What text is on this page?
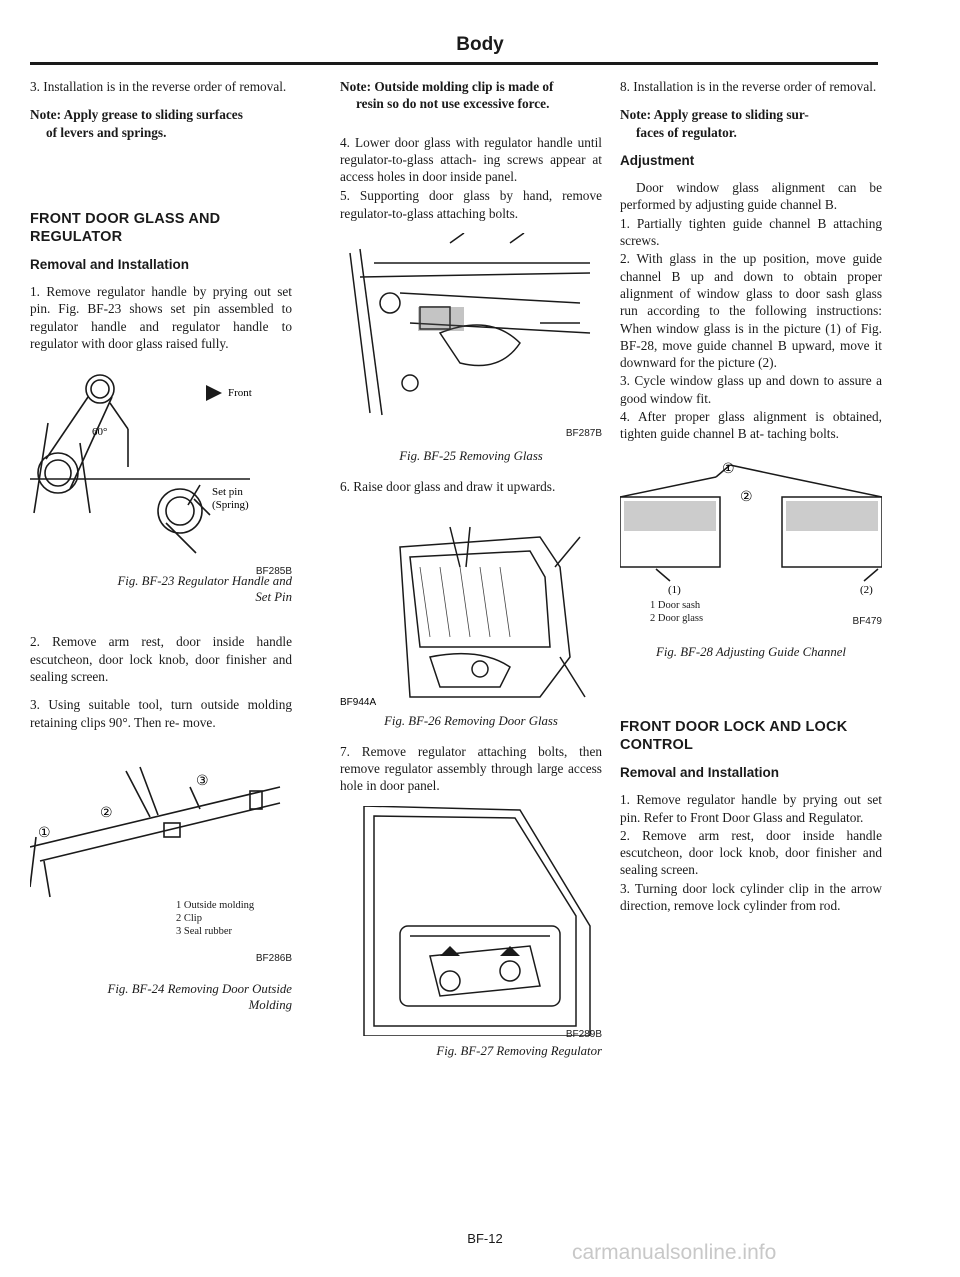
Body

3. Installation is in the reverse order of removal.

Note: Apply grease to sliding surfaces
of levers and springs.

FRONT DOOR GLASS AND REGULATOR
Removal and Installation

1. Remove regulator handle by prying out set pin. Fig. BF-23 shows set pin assembled to regulator handle and regulator handle to regulator with door glass raised fully.

Front
60°
Set pin
(Spring)
BF285B
Fig. BF-23 Regulator Handle and
Set Pin

2. Remove arm rest, door inside handle escutcheon, door lock knob, door finisher and sealing screen.

3. Using suitable tool, turn outside molding retaining clips 90°. Then re- move.

①
②
③
1 Outside molding
2 Clip
3 Seal rubber
BF286B
Fig. BF-24 Removing Door Outside
Molding

Note: Outside molding clip is made of
resin so do not use excessive force.

4. Lower door glass with regulator handle until regulator-to-glass attach- ing screws appear at access holes in door inside panel.

5. Supporting door glass by hand, remove regulator-to-glass attaching bolts.

BF287B
Fig. BF-25 Removing Glass

6. Raise door glass and draw it upwards.

BF944A
Fig. BF-26 Removing Door Glass

7. Remove regulator attaching bolts, then remove regulator assembly through large access hole in door panel.

BF289B
Fig. BF-27 Removing Regulator

8. Installation is in the reverse order of removal.

Note: Apply grease to sliding sur-
faces of regulator.

Adjustment

Door window glass alignment can be performed by adjusting guide channel B.

1. Partially tighten guide channel B attaching screws.

2. With glass in the up position, move guide channel B up and down to obtain proper alignment of window glass to door sash glass run according to the following instructions: When window glass is in the picture (1) of Fig. BF-28, move guide channel B upward, move it downward for the picture (2).

3. Cycle window glass up and down to assure a good window fit.

4. After proper glass alignment is obtained, tighten guide channel B at- taching bolts.

①
②
(1)	(2)
1 Door sash
2 Door glass	BF479
Fig. BF-28 Adjusting Guide Channel
FRONT DOOR LOCK AND LOCK CONTROL
Removal and Installation

1. Remove regulator handle by prying out set pin. Refer to Front Door Glass and Regulator.

2. Remove arm rest, door inside handle escutcheon, door lock knob, door finisher and sealing screen.

3. Turning door lock cylinder clip in the arrow direction, remove lock cylinder from rod.

BF-12
carmanualsonline.info
